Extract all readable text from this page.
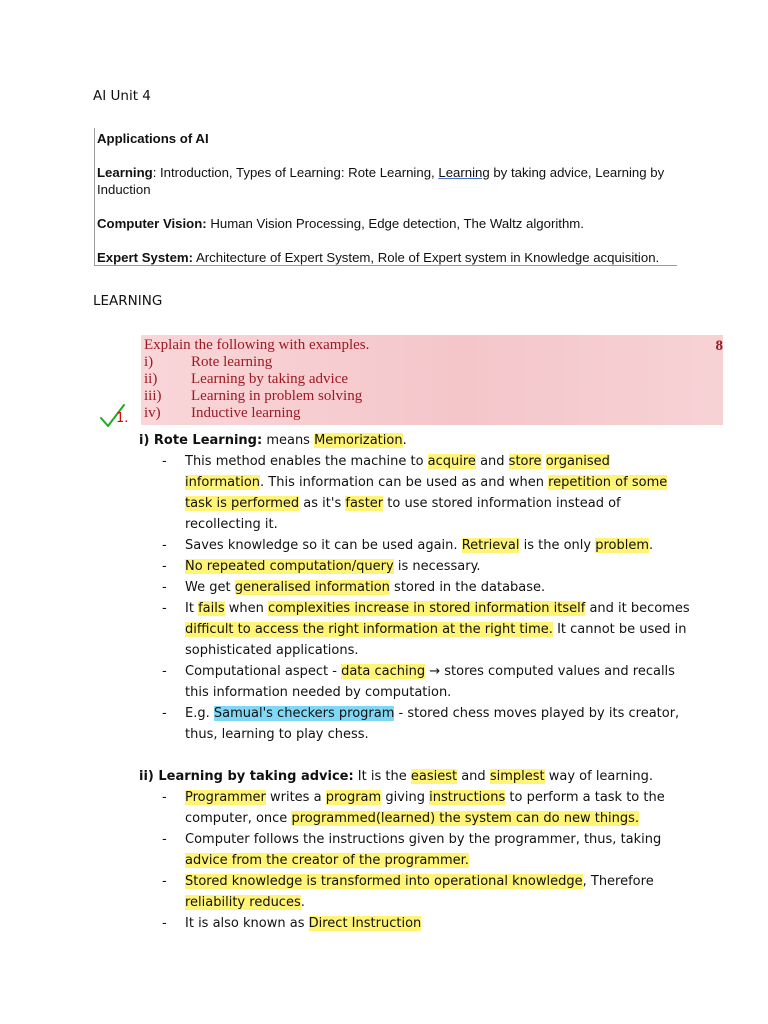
AI Unit 4
Applications of AI
Learning: Introduction, Types of Learning: Rote Learning, Learning by taking advice, Learning by
Induction
Computer Vision: Human Vision Processing, Edge detection, The Waltz algorithm.
Expert System: Architecture of Expert System, Role of Expert system in Knowledge acquisition.
LEARNING
Explain the following with examples.	8
i)	Rote learning
ii) Learning by taking advice
iii) Learning in problem solving
iv) Inductive learning
1.
i) Rote Learning: means Memorization.
- This method enables the machine to acquire and store organised
information. This information can be used as and when repetition of some
task is performed as it's faster to use stored information instead of
recollecting it.
- Saves knowledge so it can be used again. Retrieval is the only problem.
- No repeated computation/query is necessary.
- We get generalised information stored in the database.
- It fails when complexities increase in stored information itself and it becomes
difficult to access the right information at the right time. It cannot be used in
sophisticated applications.
- Computational aspect - data caching → stores computed values and recalls
this information needed by computation.
- E.g. Samual's checkers program - stored chess moves played by its creator,
thus, learning to play chess.
ii) Learning by taking advice: It is the easiest and simplest way of learning.
- Programmer writes a program giving instructions to perform a task to the
computer, once programmed(learned) the system can do new things.
- Computer follows the instructions given by the programmer, thus, taking
advice from the creator of the programmer.
- Stored knowledge is transformed into operational knowledge, Therefore
reliability reduces.
- It is also known as Direct Instruction
